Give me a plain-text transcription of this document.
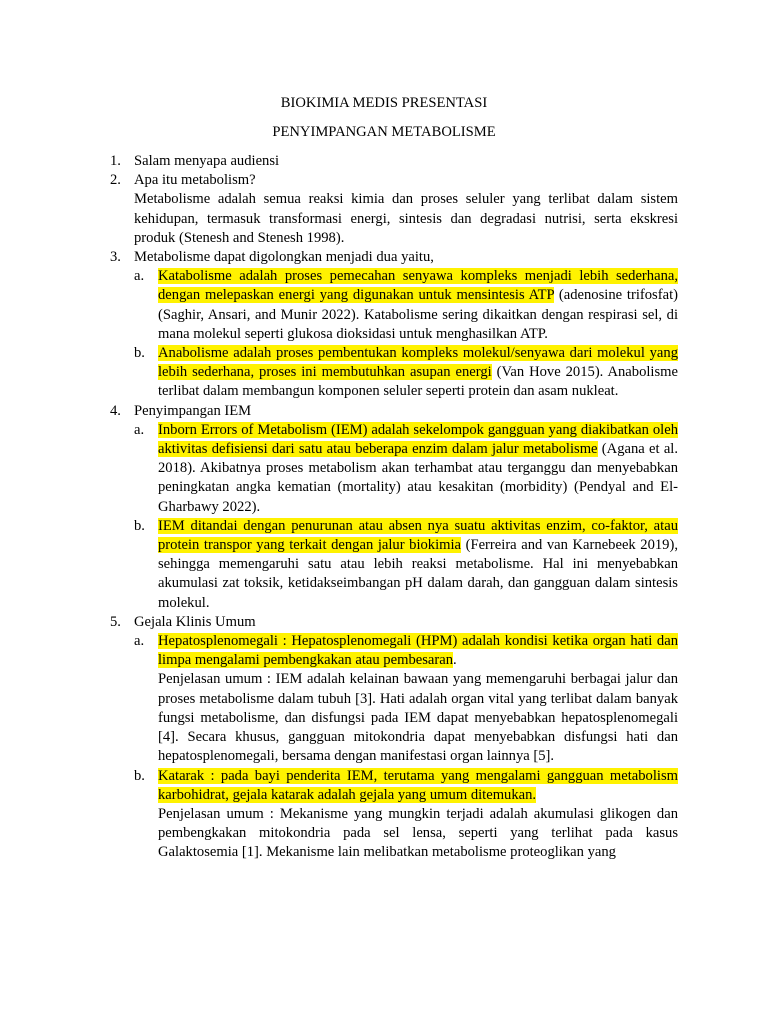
BIOKIMIA MEDIS PRESENTASI
PENYIMPANGAN METABOLISME
1. Salam menyapa audiensi
2. Apa itu metabolism?
Metabolisme adalah semua reaksi kimia dan proses seluler yang terlibat dalam sistem kehidupan, termasuk transformasi energi, sintesis dan degradasi nutrisi, serta ekskresi produk (Stenesh and Stenesh 1998).
3. Metabolisme dapat digolongkan menjadi dua yaitu,
a. Katabolisme adalah proses pemecahan senyawa kompleks menjadi lebih sederhana, dengan melepaskan energi yang digunakan untuk mensintesis ATP (adenosine trifosfat) (Saghir, Ansari, and Munir 2022). Katabolisme sering dikaitkan dengan respirasi sel, di mana molekul seperti glukosa dioksidasi untuk menghasilkan ATP.
b. Anabolisme adalah proses pembentukan kompleks molekul/senyawa dari molekul yang lebih sederhana, proses ini membutuhkan asupan energi (Van Hove 2015). Anabolisme terlibat dalam membangun komponen seluler seperti protein dan asam nukleat.
4. Penyimpangan IEM
a. Inborn Errors of Metabolism (IEM) adalah sekelompok gangguan yang diakibatkan oleh aktivitas defisiensi dari satu atau beberapa enzim dalam jalur metabolisme (Agana et al. 2018). Akibatnya proses metabolism akan terhambat atau terganggu dan menyebabkan peningkatan angka kematian (mortality) atau kesakitan (morbidity) (Pendyal and El-Gharbawy 2022).
b. IEM ditandai dengan penurunan atau absen nya suatu aktivitas enzim, co-faktor, atau protein transpor yang terkait dengan jalur biokimia (Ferreira and van Karnebeek 2019), sehingga memengaruhi satu atau lebih reaksi metabolisme. Hal ini menyebabkan akumulasi zat toksik, ketidakseimbangan pH dalam darah, dan gangguan dalam sintesis molekul.
5. Gejala Klinis Umum
a. Hepatosplenomegali : Hepatosplenomegali (HPM) adalah kondisi ketika organ hati dan limpa mengalami pembengkakan atau pembesaran.
Penjelasan umum : IEM adalah kelainan bawaan yang memengaruhi berbagai jalur dan proses metabolisme dalam tubuh [3]. Hati adalah organ vital yang terlibat dalam banyak fungsi metabolisme, dan disfungsi pada IEM dapat menyebabkan hepatosplenomegali [4]. Secara khusus, gangguan mitokondria dapat menyebabkan disfungsi hati dan hepatosplenomegali, bersama dengan manifestasi organ lainnya [5].
b. Katarak : pada bayi penderita IEM, terutama yang mengalami gangguan metabolism karbohidrat, gejala katarak adalah gejala yang umum ditemukan.
Penjelasan umum : Mekanisme yang mungkin terjadi adalah akumulasi glikogen dan pembengkakan mitokondria pada sel lensa, seperti yang terlihat pada kasus Galaktosemia [1]. Mekanisme lain melibatkan metabolisme proteoglikan yang
